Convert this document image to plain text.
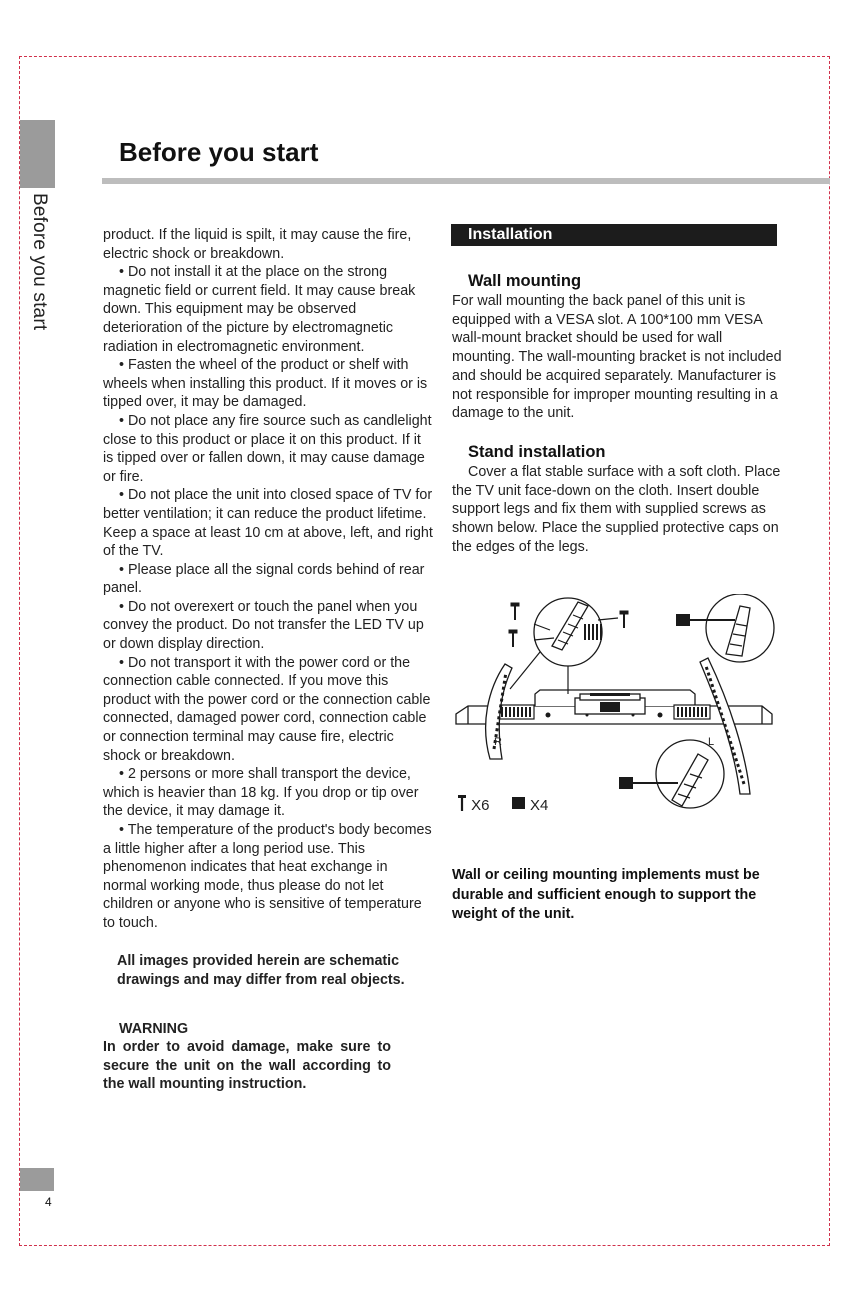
Before you start
Before you start

product. If the liquid is spilt, it may cause the fire, electric shock or breakdown.

• Do not install it at the place on the strong magnetic field or current field. It may cause break down. This equipment may be observed deterioration of the picture by electromagnetic radiation in electromagnetic environment.

• Fasten the wheel of the product or shelf with wheels when installing this product. If it moves or is tipped over, it may be damaged.

• Do not place any fire source such as candlelight close to this product or place it on this product. If it is tipped over or fallen down, it may cause damage or fire.

• Do not place the unit into closed space of TV for better ventilation; it can reduce the product lifetime. Keep a space at least 10 cm at above, left, and right of the TV.

• Please place all the signal cords behind of rear panel.

• Do not overexert or touch the panel when you convey the product. Do not transfer the LED TV up or down display direction.

• Do not transport it with the power cord or the connection cable connected. If you move this product with the power cord or the connection cable connected, damaged power cord, connection cable or connection terminal may cause fire, electric shock or breakdown.

• 2 persons or more shall transport the device, which is heavier than 18 kg. If you drop or tip over the device, it may damage it.

• The temperature of the product's body becomes a little higher after a long period use. This phenomenon indicates that heat exchange in normal working mode, thus please do not let children or anyone who is sensitive of temperature to touch.

All images provided herein are schematic drawings and may differ from real objects.

WARNING

In order to avoid damage, make sure to secure the unit on the wall according to the wall mounting instruction.

Installation
Wall mounting

For wall mounting the back panel of this unit is equipped with a VESA slot. A 100*100 mm VESA wall-mount bracket should be used for wall mounting. The wall-mounting bracket is not included and should be acquired separately. Manufacturer is not responsible for improper mounting resulting in a damage to the unit.

Stand installation

Cover a flat stable surface with a soft cloth. Place the TV unit face-down on the cloth. Insert double support legs and fix them with supplied screws as shown below. Place the supplied protective caps on the edges of the legs.

R	L
X6	X4
Wall or ceiling mounting implements must be durable and sufficient enough to support the weight of the unit.
4
